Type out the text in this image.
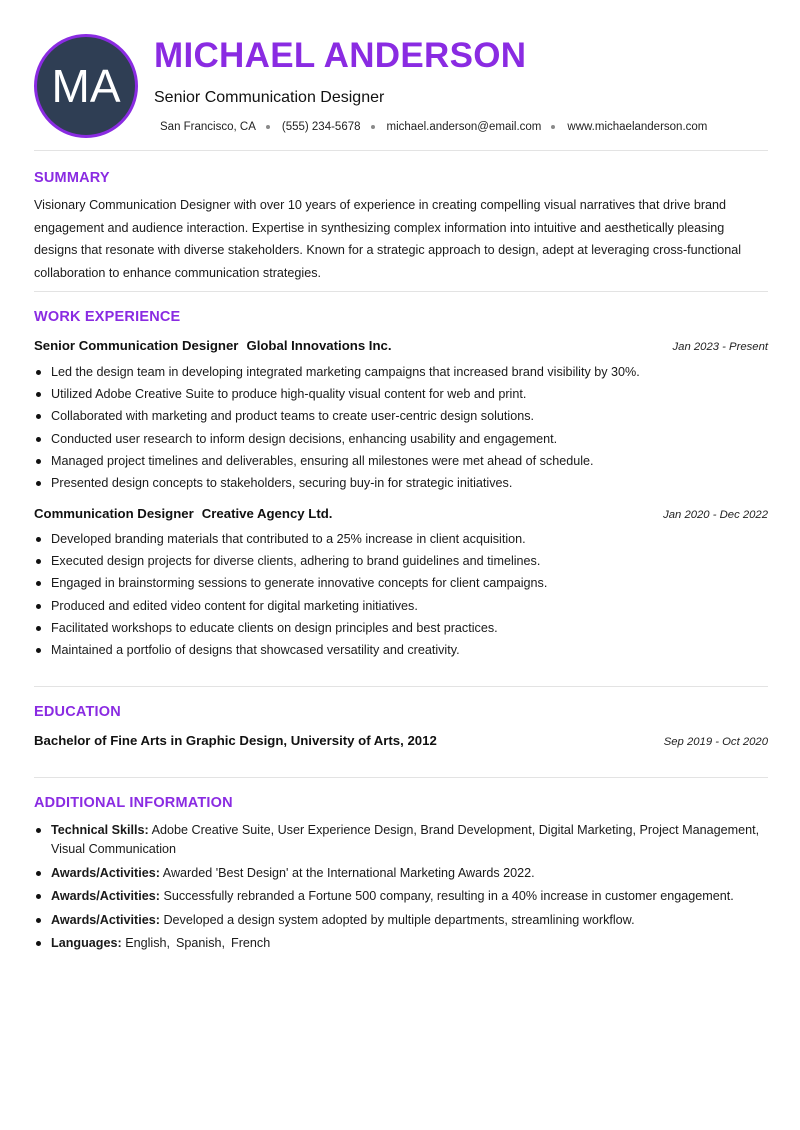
MA
MICHAEL ANDERSON
Senior Communication Designer
San Francisco, CA (555) 234-5678 michael.anderson@email.com www.michaelanderson.com
SUMMARY

Visionary Communication Designer with over 10 years of experience in creating compelling visual narratives that drive brand engagement and audience interaction. Expertise in synthesizing complex information into intuitive and aesthetically pleasing designs that resonate with diverse stakeholders. Known for a strategic approach to design, adept at leveraging cross-functional collaboration to enhance communication strategies.

WORK EXPERIENCE
Senior Communication Designer Global Innovations Inc.	Jan 2023 - Present
Led the design team in developing integrated marketing campaigns that increased brand visibility by 30%.
Utilized Adobe Creative Suite to produce high-quality visual content for web and print.
Collaborated with marketing and product teams to create user-centric design solutions.
Conducted user research to inform design decisions, enhancing usability and engagement.
Managed project timelines and deliverables, ensuring all milestones were met ahead of schedule.
Presented design concepts to stakeholders, securing buy-in for strategic initiatives.
Communication Designer Creative Agency Ltd.	Jan 2020 - Dec 2022
Developed branding materials that contributed to a 25% increase in client acquisition.
Executed design projects for diverse clients, adhering to brand guidelines and timelines.
Engaged in brainstorming sessions to generate innovative concepts for client campaigns.
Produced and edited video content for digital marketing initiatives.
Facilitated workshops to educate clients on design principles and best practices.
Maintained a portfolio of designs that showcased versatility and creativity.
EDUCATION
Bachelor of Fine Arts in Graphic Design, University of Arts, 2012	Sep 2019 - Oct 2020
ADDITIONAL INFORMATION
Technical Skills: Adobe Creative Suite, User Experience Design, Brand Development, Digital Marketing, Project Management, Visual Communication
Awards/Activities: Awarded 'Best Design' at the International Marketing Awards 2022.
Awards/Activities: Successfully rebranded a Fortune 500 company, resulting in a 40% increase in customer engagement.
Awards/Activities: Developed a design system adopted by multiple departments, streamlining workflow.
Languages: English, Spanish, French
